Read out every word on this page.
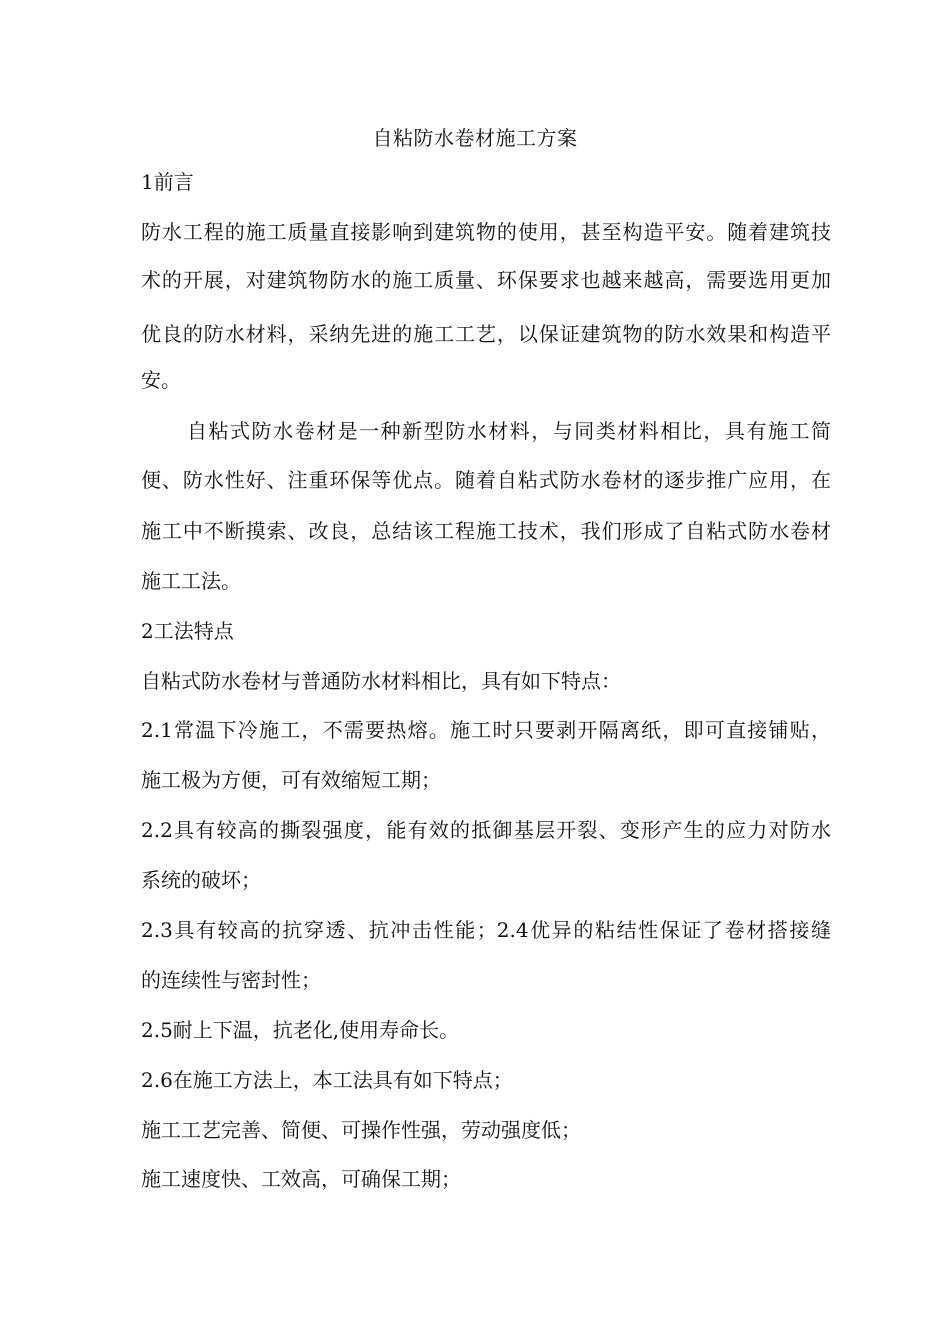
自粘防水卷材施工方案
1前言
防水工程的施工质量直接影响到建筑物的使用，甚至构造平安。随着建筑技
术的开展，对建筑物防水的施工质量、环保要求也越来越高，需要选用更加
优良的防水材料，采纳先进的施工工艺，以保证建筑物的防水效果和构造平
安。
自粘式防水卷材是一种新型防水材料，与同类材料相比，具有施工简
便、防水性好、注重环保等优点。随着自粘式防水卷材的逐步推广应用，在
施工中不断摸索、改良，总结该工程施工技术，我们形成了自粘式防水卷材
施工工法。
2工法特点
自粘式防水卷材与普通防水材料相比，具有如下特点：
2.1常温下冷施工，不需要热熔。施工时只要剥开隔离纸，即可直接铺贴，
施工极为方便，可有效缩短工期；
2.2具有较高的撕裂强度，能有效的抵御基层开裂、变形产生的应力对防水
系统的破坏；
2.3具有较高的抗穿透、抗冲击性能；2.4优异的粘结性保证了卷材搭接缝
的连续性与密封性；
2.5耐上下温，抗老化,使用寿命长。
2.6在施工方法上，本工法具有如下特点；
施工工艺完善、简便、可操作性强，劳动强度低；
施工速度快、工效高，可确保工期；
